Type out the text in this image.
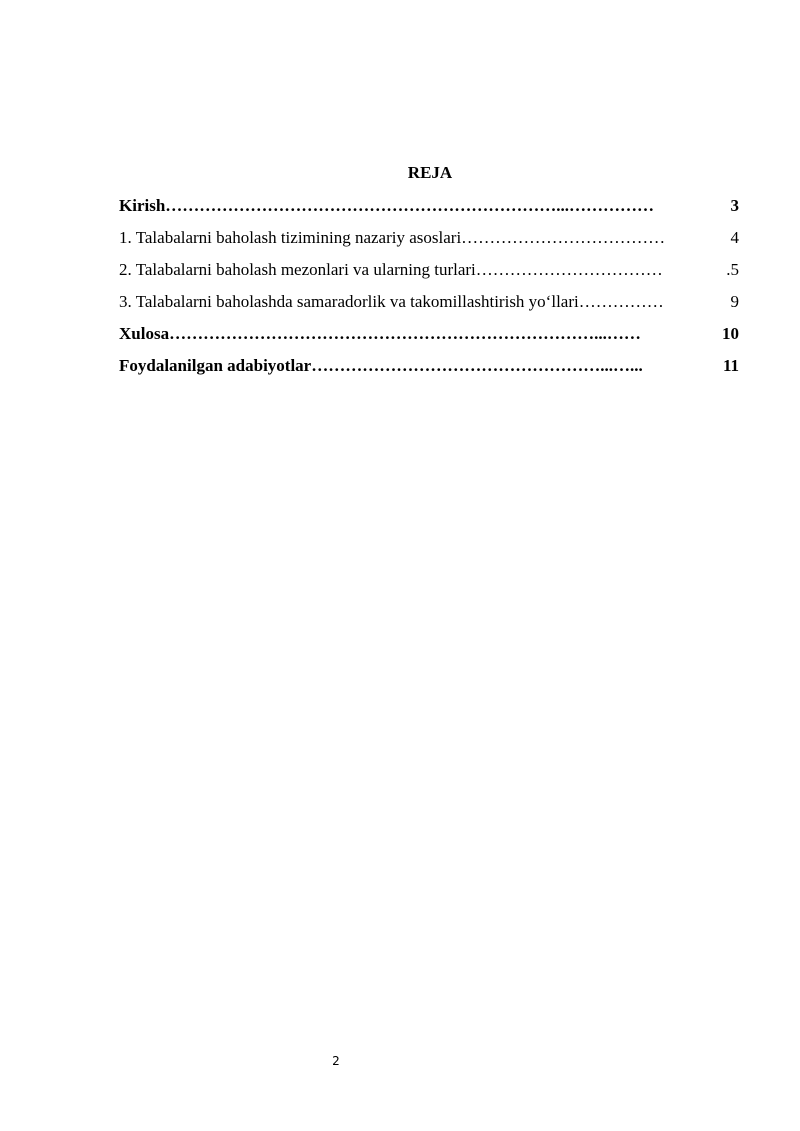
REJA
Kirish……………………………………………………………...……………	3
1. Talabalarni baholash tizimining nazariy asoslari………………………………	4
2. Talabalarni baholash mezonlari va ularning turlari……………………………	.5
3. Talabalarni baholashda samaradorlik va takomillashtirish yo‘llari……………	9
Xulosa…………………………………………………………………...……	10
Foydalanilgan adabiyotlar……………………………………………...…...	11
2
